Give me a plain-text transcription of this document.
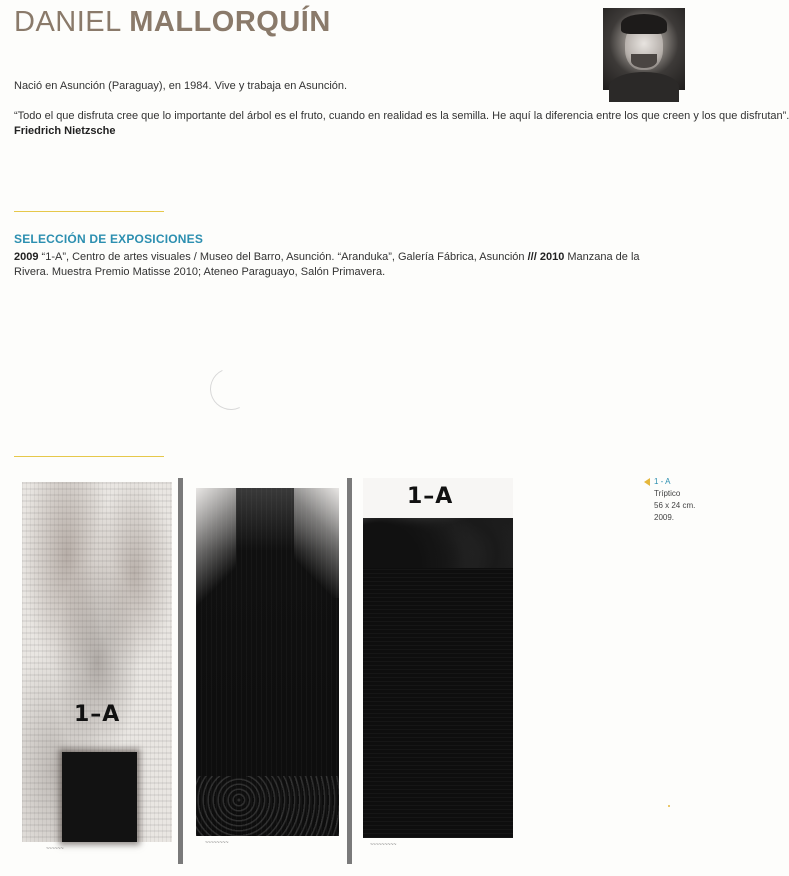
DANIEL MALLORQUÍN
Nació en Asunción (Paraguay), en 1984. Vive y trabaja en Asunción.
“Todo el que disfruta cree que lo importante del árbol es el fruto, cuando en realidad es la semilla. He aquí la diferencia entre los que creen y los que disfrutan”.
Friedrich Nietzsche
SELECCIÓN DE EXPOSICIONES
2009 “1-A”, Centro de artes visuales / Museo del Barro, Asunción. “Aranduka”, Galería Fábrica, Asunción /// 2010 Manzana de la Rivera. Muestra Premio Matisse 2010; Ateneo Paraguayo, Salón Primavera.
1–A
~~~~~~
~~~~~~~~
1–A
~~~~~~~~~
1 - A
Tríptico
56 x 24 cm.
2009.
